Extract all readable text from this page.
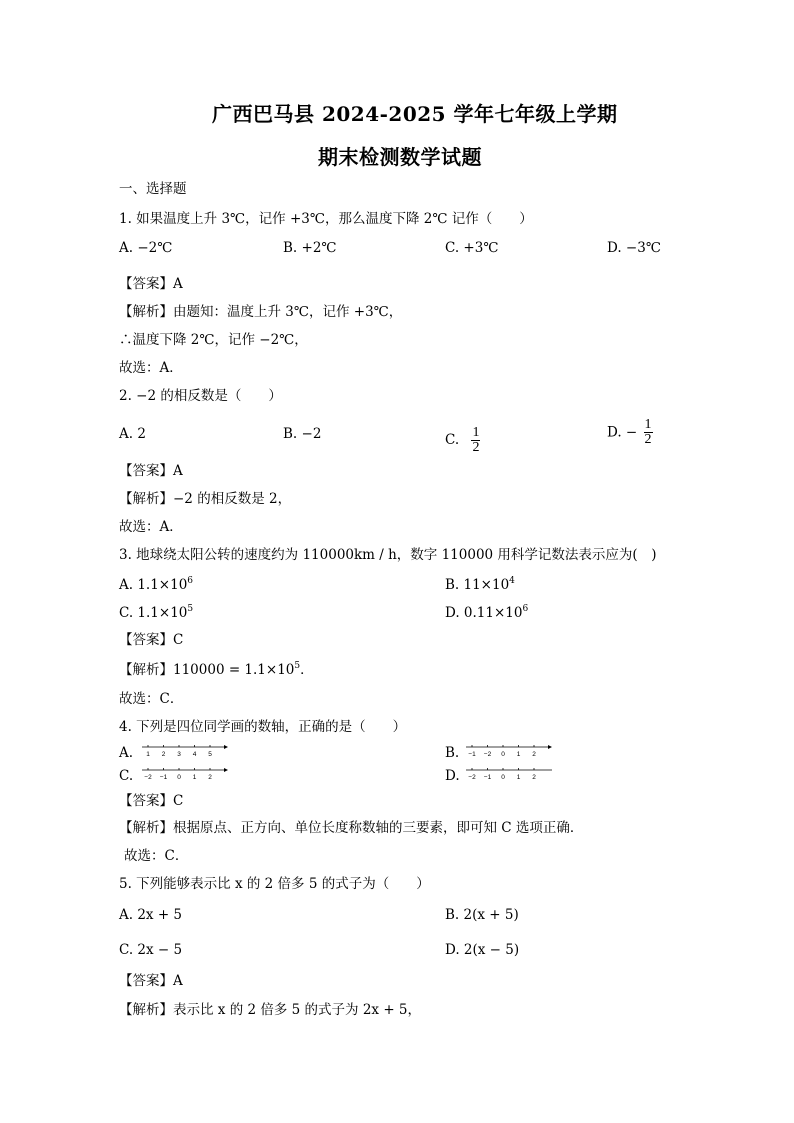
广西巴马县 2024-2025 学年七年级上学期
期末检测数学试题
一、选择题
1. 如果温度上升 3℃，记作 +3℃，那么温度下降 2℃ 记作（　　）
A. −2℃	B. +2℃	C. +3℃	D. −3℃
【答案】A
【解析】由题知：温度上升 3℃，记作 +3℃，
∴温度下降 2℃，记作 −2℃，
故选：A．
2. −2 的相反数是（　　）
A. 2	B. −2	C. $\frac{1}{2}$	D. − $\frac{1}{2}$
【答案】A
【解析】−2 的相反数是 2，
故选：A．
3. 地球绕太阳公转的速度约为 110000km / h，数字 110000 用科学记数法表示应为(　)
A. $1.1\times 10^6$	B. $11\times 10^4$
C. $1.1\times 10^5$	D. $0.11\times 10^6$
【答案】C
【解析】$110000 = 1.1\times 10^5$．
故选：C．
4. 下列是四位同学画的数轴，正确的是（　　）
A. 1 2 3 4 5	B. −1 −2 0 1 2
C. −2 −1 0 1 2	D. −2 −1 0 1 2
【答案】C
【解析】根据原点、正方向、单位长度称数轴的三要素，即可知 C 选项正确．
故选：C．
5. 下列能够表示比 x 的 2 倍多 5 的式子为（　　）
A. 2x + 5	B. 2(x + 5)
C. 2x − 5	D. 2(x − 5)
【答案】A
【解析】表示比 x 的 2 倍多 5 的式子为 2x + 5，
